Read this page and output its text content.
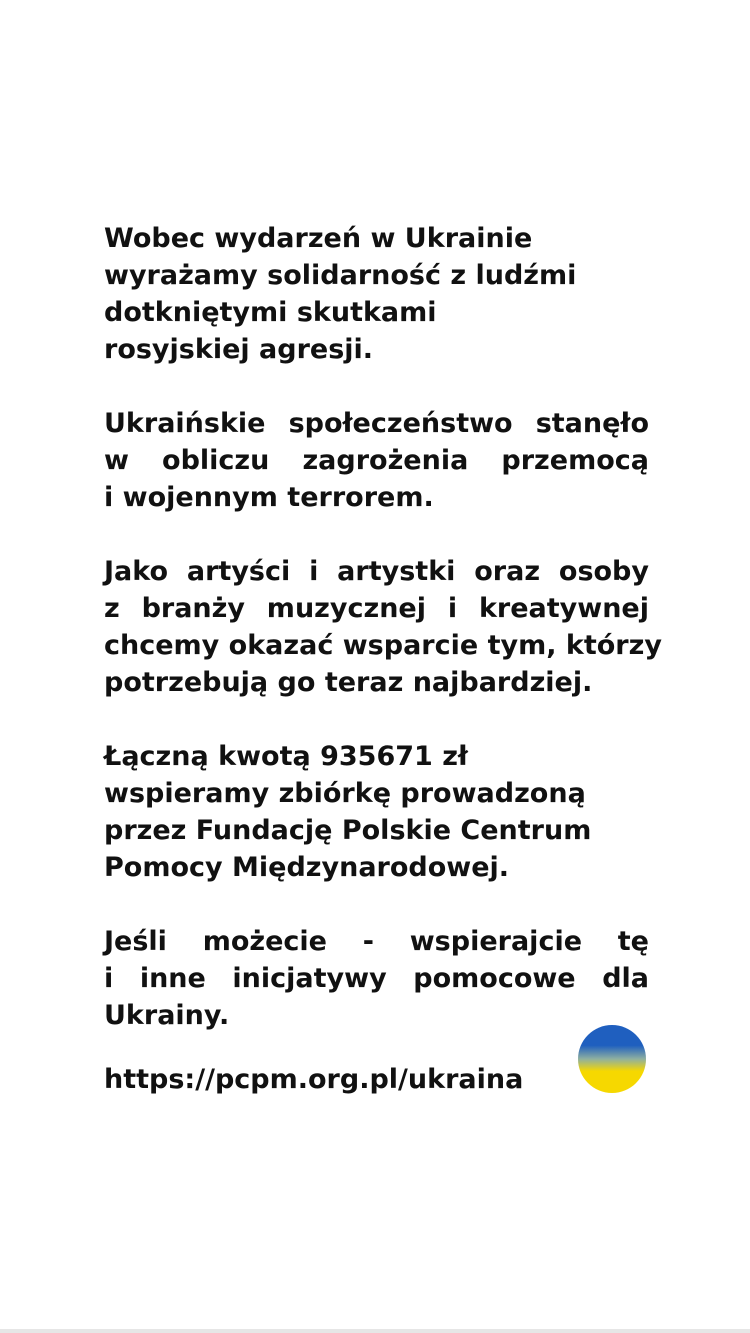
Wobec wydarzeń w Ukrainie
wyrażamy solidarność z ludźmi
dotkniętymi skutkami
rosyjskiej agresji.

Ukraińskie społeczeństwo stanęło
w obliczu zagrożenia przemocą
i wojennym terrorem.

Jako artyści i artystki oraz osoby
z branży muzycznej i kreatywnej
chcemy okazać wsparcie tym, którzy
potrzebują go teraz najbardziej.

Łączną kwotą 935671 zł
wspieramy zbiórkę prowadzoną
przez Fundację Polskie Centrum
Pomocy Międzynarodowej.

Jeśli możecie - wspierajcie tę
i inne inicjatywy pomocowe dla
Ukrainy.

https://pcpm.org.pl/ukraina
